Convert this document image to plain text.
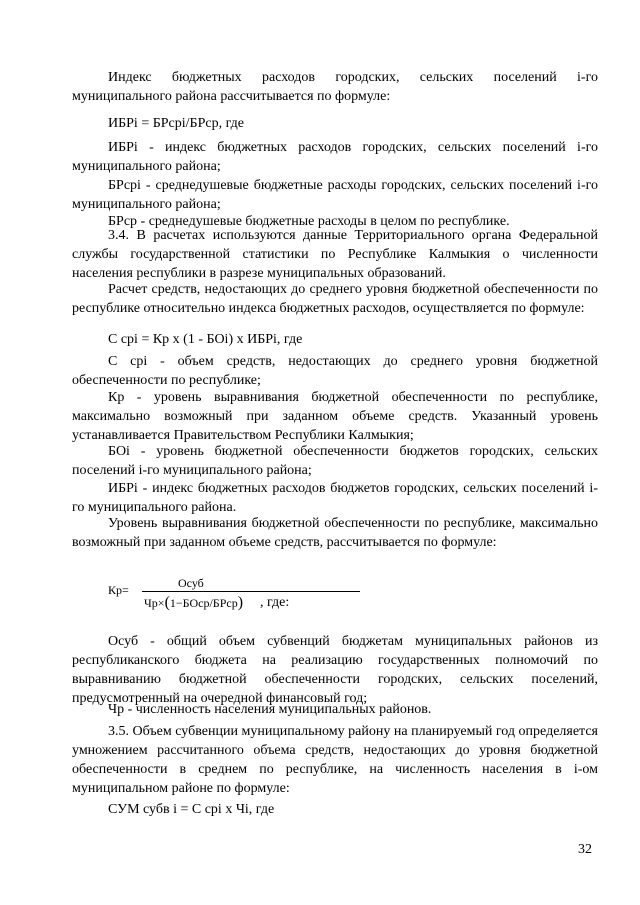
Индекс бюджетных расходов городских, сельских поселений i-го муниципального района рассчитывается по формуле:

ИБРi = БРсрi/БРср, где

ИБРi - индекс бюджетных расходов городских, сельских поселений i-го муниципального района;

БРсрi - среднедушевые бюджетные расходы городских, сельских поселений i-го муниципального района;

БРср - среднедушевые бюджетные расходы в целом по республике.

3.4. В расчетах используются данные Территориального органа Федеральной службы государственной статистики по Республике Калмыкия о численности населения республики в разрезе муниципальных образований.

Расчет средств, недостающих до среднего уровня бюджетной обеспеченности по республике относительно индекса бюджетных расходов, осуществляется по формуле:

С срi = Кр х (1 - БОi) х ИБРi, где

С срi - объем средств, недостающих до среднего уровня бюджетной обеспеченности по республике;

Кр - уровень выравнивания бюджетной обеспеченности по республике, максимально возможный при заданном объеме средств. Указанный уровень устанавливается Правительством Республики Калмыкия;

БОi - уровень бюджетной обеспеченности бюджетов городских, сельских поселений i-го муниципального района;

ИБРi - индекс бюджетных расходов бюджетов городских, сельских поселений i-го муниципального района.

Уровень выравнивания бюджетной обеспеченности по республике, максимально возможный при заданном объеме средств, рассчитывается по формуле:

Кр=	Осуб
Чр×(1−БОср/БРср) , где:

Осуб - общий объем субвенций бюджетам муниципальных районов из республиканского бюджета на реализацию государственных полномочий по выравниванию бюджетной обеспеченности городских, сельских поселений, предусмотренный на очередной финансовый год;

Чр - численность населения муниципальных районов.

3.5. Объем субвенции муниципальному району на планируемый год определяется умножением рассчитанного объема средств, недостающих до уровня бюджетной обеспеченности в среднем по республике, на численность населения в i-ом муниципальном районе по формуле:

СУМ субв i = С срi х Чi, где

32
